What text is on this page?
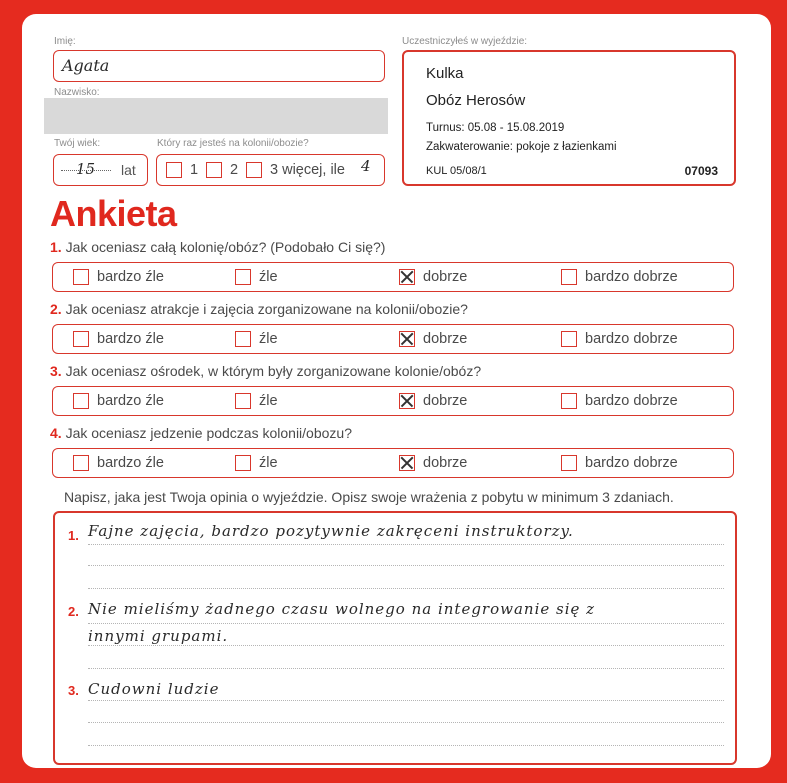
Imię:
Agata
Nazwisko:
Twój wiek:
15 lat
Który raz jesteś na kolonii/obozie?
1 2 3 więcej, ile 4
Uczestniczyłeś w wyjeździe:
Kulka
Obóz Herosów
Turnus: 05.08 - 15.08.2019
Zakwaterowanie: pokoje z łazienkami
KUL 05/08/1	07093
Ankieta
1. Jak oceniasz całą kolonię/obóz? (Podobało Ci się?)
bardzo źle	źle	dobrze	bardzo dobrze
2. Jak oceniasz atrakcje i zajęcia zorganizowane na kolonii/obozie?
bardzo źle	źle	dobrze	bardzo dobrze
3. Jak oceniasz ośrodek, w którym były zorganizowane kolonie/obóz?
bardzo źle	źle	dobrze	bardzo dobrze
4. Jak oceniasz jedzenie podczas kolonii/obozu?
bardzo źle	źle	dobrze	bardzo dobrze
Napisz, jaka jest Twoja opinia o wyjeździe. Opisz swoje wrażenia z pobytu w minimum 3 zdaniach.
1. Fajne zajęcia, bardzo pozytywnie zakręceni instruktorzy.
2. Nie mieliśmy żadnego czasu wolnego na integrowanie się z
innymi grupami.
3. Cudowni ludzie
